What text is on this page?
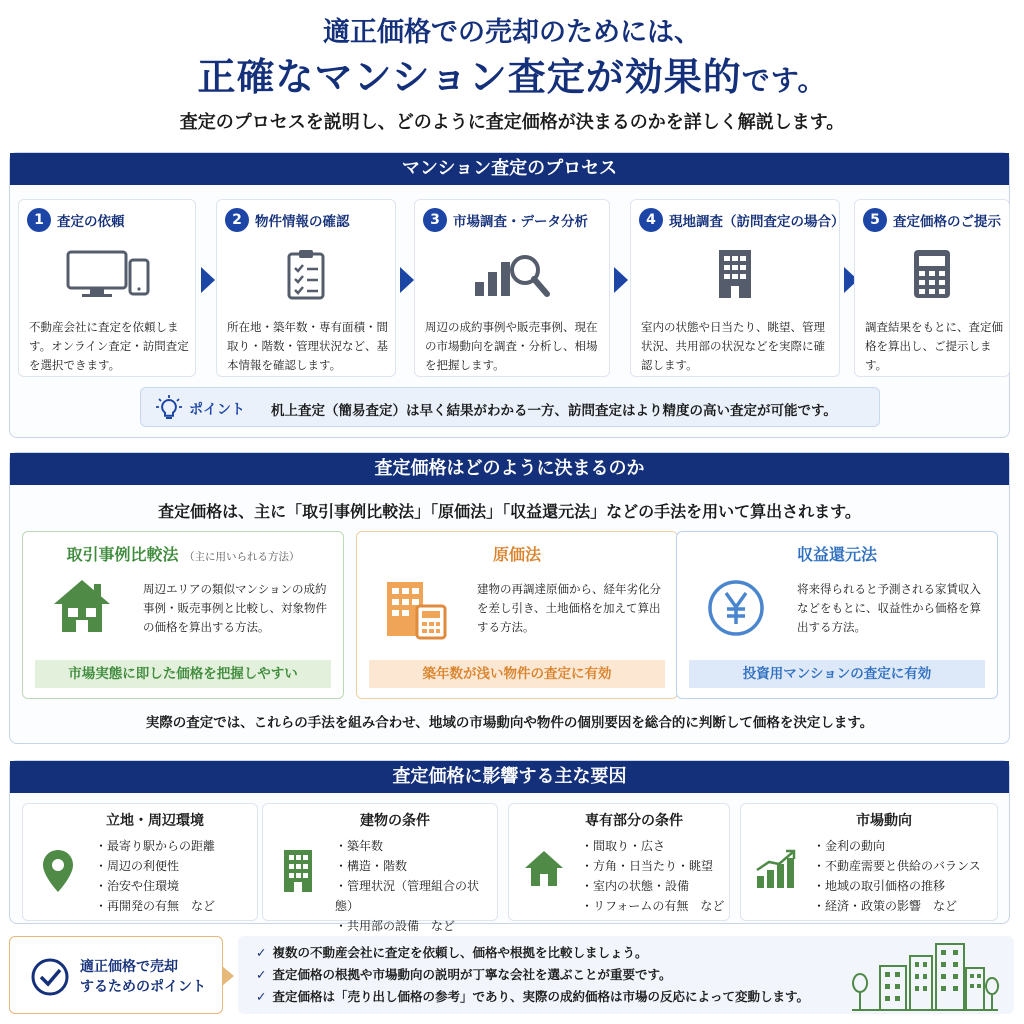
適正価格での売却のためには、
正確なマンション査定が効果的です。
査定のプロセスを説明し、どのように査定価格が決まるのかを詳しく解説します。
マンション査定のプロセス
1 査定の依頼
不動産会社に査定を依頼します。オンライン査定・訪問査定を選択できます。
2 物件情報の確認
所在地・築年数・専有面積・間取り・階数・管理状況など、基本情報を確認します。
3 市場調査・データ分析
周辺の成約事例や販売事例、現在の市場動向を調査・分析し、相場を把握します。
4 現地調査（訪問査定の場合）
室内の状態や日当たり、眺望、管理状況、共用部の状況などを実際に確認します。
5 査定価格のご提示
調査結果をもとに、査定価格を算出し、ご提示します。
ポイント 机上査定（簡易査定）は早く結果がわかる一方、訪問査定はより精度の高い査定が可能です。
査定価格はどのように決まるのか
査定価格は、主に「取引事例比較法」「原価法」「収益還元法」などの手法を用いて算出されます。
取引事例比較法 （主に用いられる方法）
周辺エリアの類似マンションの成約事例・販売事例と比較し、対象物件の価格を算出する方法。
市場実態に即した価格を把握しやすい
原価法
建物の再調達原価から、経年劣化分を差し引き、土地価格を加えて算出する方法。
築年数が浅い物件の査定に有効
収益還元法
将来得られると予測される家賃収入などをもとに、収益性から価格を算出する方法。
投資用マンションの査定に有効
実際の査定では、これらの手法を組み合わせ、地域の市場動向や物件の個別要因を総合的に判断して価格を決定します。
査定価格に影響する主な要因
立地・周辺環境
・最寄り駅からの距離
・周辺の利便性
・治安や住環境
・再開発の有無　など
建物の条件
・築年数
・構造・階数
・管理状況（管理組合の状態）
・共用部の設備　など
専有部分の条件
・間取り・広さ
・方角・日当たり・眺望
・室内の状態・設備
・リフォームの有無　など
市場動向
・金利の動向
・不動産需要と供給のバランス
・地域の取引価格の推移
・経済・政策の影響　など
適正価格で売却
するためのポイント
✓ 複数の不動産会社に査定を依頼し、価格や根拠を比較しましょう。
✓ 査定価格の根拠や市場動向の説明が丁寧な会社を選ぶことが重要です。
✓ 査定価格は「売り出し価格の参考」であり、実際の成約価格は市場の反応によって変動します。
